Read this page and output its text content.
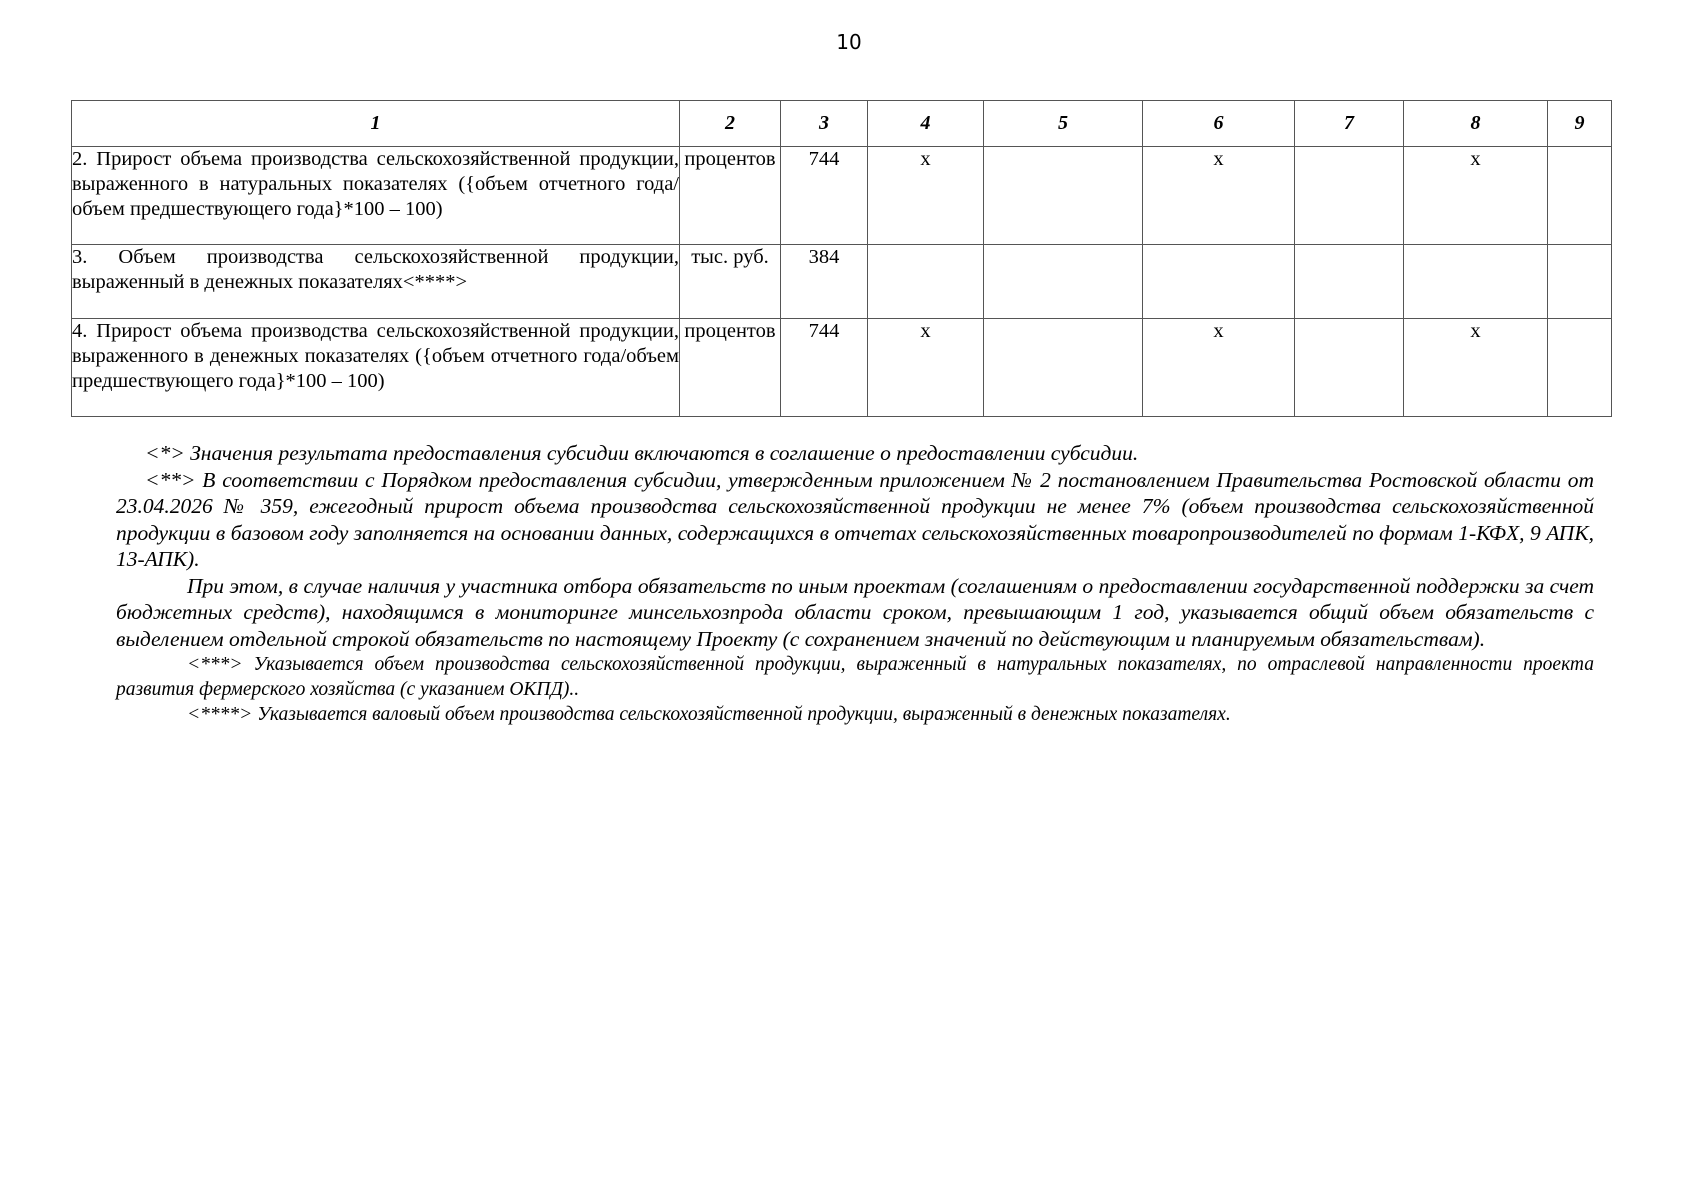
10
1	2	3	4	5	6	7	8	9
2. Прирост объема производства сельскохозяйственной продукции, выраженного в натуральных показателях ({объем отчетного года/объем предшествующего года}*100 – 100)	процентов	744	x		x		x	
3. Объем производства сельскохозяйственной продукции, выраженный в денежных показателях<****>	тыс. руб.	384						
4. Прирост объема производства сельскохозяйственной продукции, выраженного в денежных показателях ({объем отчетного года/объем предшествующего года}*100 – 100)	процентов	744	x		x		x	

<*> Значения результата предоставления субсидии включаются в соглашение о предоставлении субсидии.

<**> В соответствии с Порядком предоставления субсидии, утвержденным приложением № 2 постановлением Правительства Ростовской области от 23.04.2026 № 359, ежегодный прирост объема производства сельскохозяйственной продукции не менее 7% (объем производства сельскохозяйственной продукции в базовом году заполняется на основании данных, содержащихся в отчетах сельскохозяйственных товаропроизводителей по формам 1-КФХ, 9 АПК, 13-АПК).

При этом, в случае наличия у участника отбора обязательств по иным проектам (соглашениям о предоставлении государственной поддержки за счет бюджетных средств), находящимся в мониторинге минсельхозпрода области сроком, превышающим 1 год, указывается общий объем обязательств с выделением отдельной строкой обязательств по настоящему Проекту (с сохранением значений по действующим и планируемым обязательствам).

<***> Указывается объем производства сельскохозяйственной продукции, выраженный в натуральных показателях, по отраслевой направленности проекта развития фермерского хозяйства (с указанием ОКПД)..

<****> Указывается валовый объем производства сельскохозяйственной продукции, выраженный в денежных показателях.
